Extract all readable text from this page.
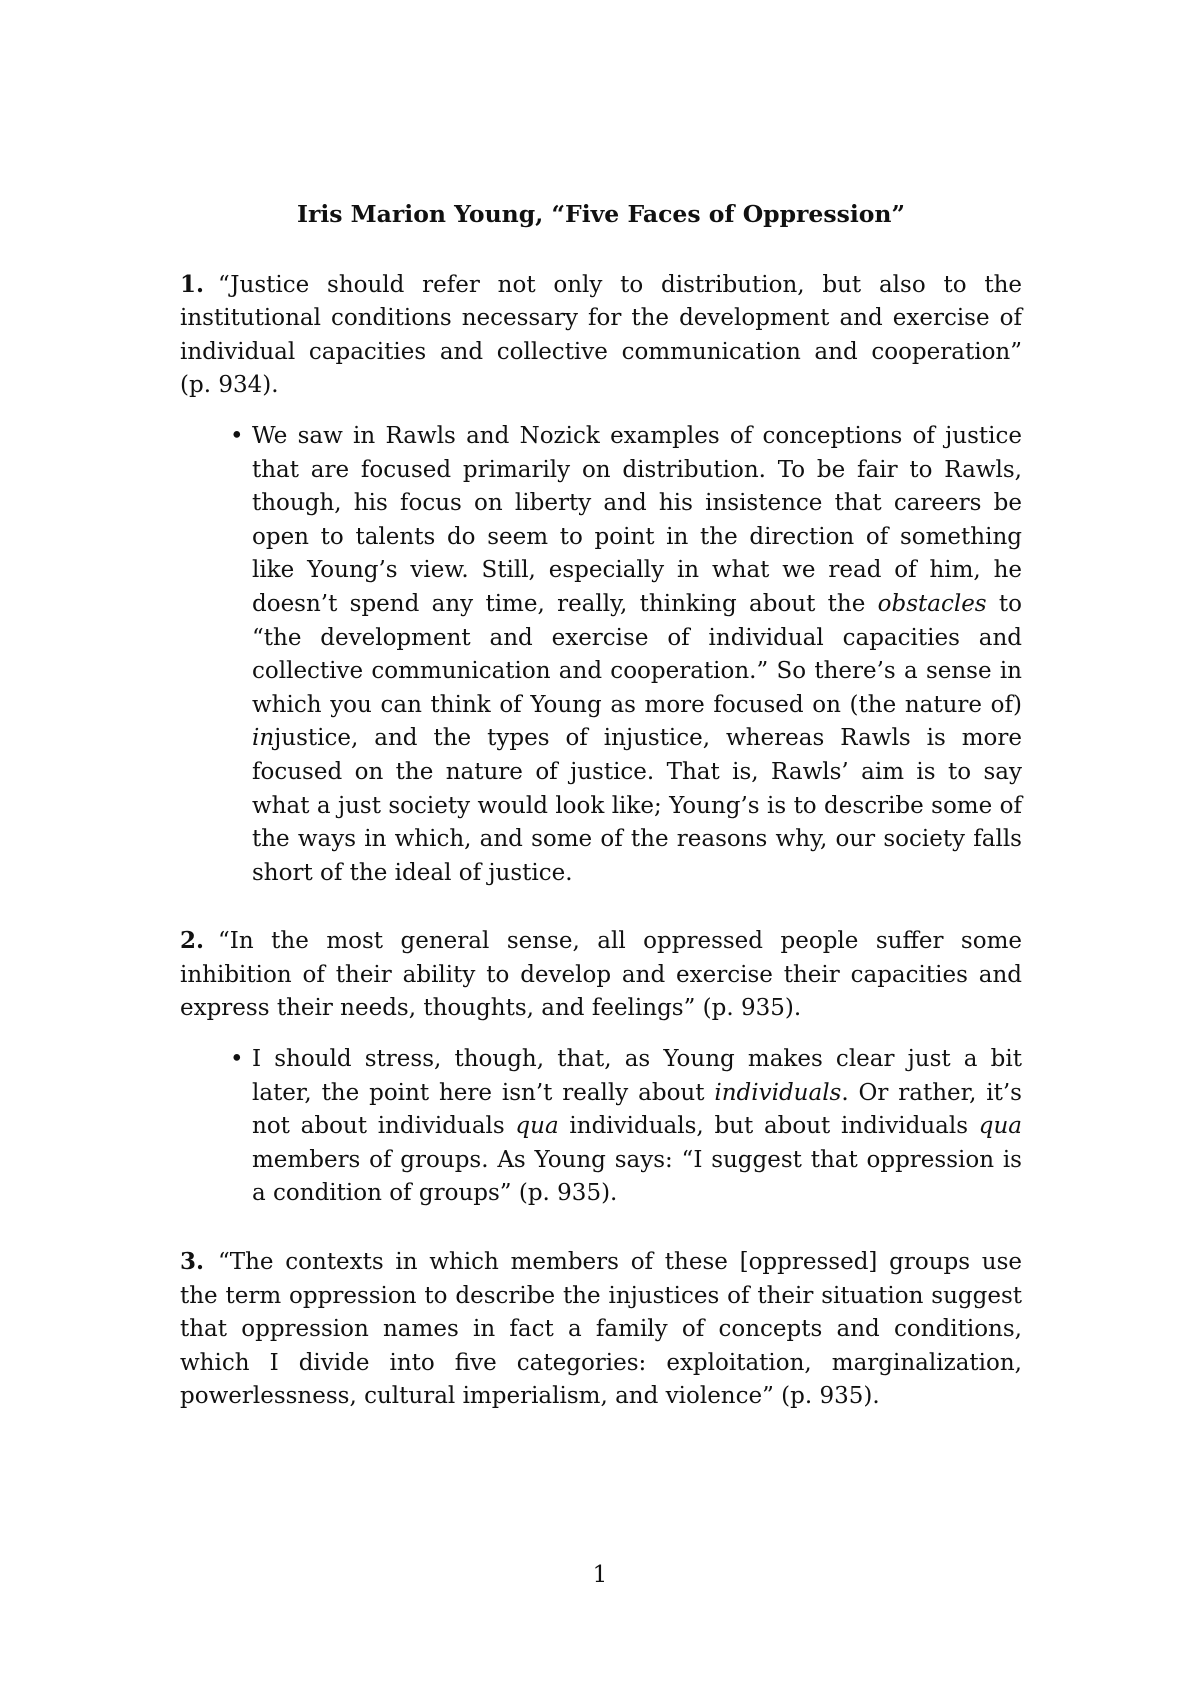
Iris Marion Young, “Five Faces of Oppression”

1. “Justice should refer not only to distribution, but also to the institutional conditions necessary for the development and exercise of individual capacities and collective communication and cooperation” (p. 934).

• We saw in Rawls and Nozick examples of conceptions of justice that are focused primarily on distribution. To be fair to Rawls, though, his focus on liberty and his insistence that careers be open to talents do seem to point in the direction of something like Young’s view. Still, especially in what we read of him, he doesn’t spend any time, really, thinking about the obstacles to “the development and exercise of individual capacities and collective communication and cooperation.” So there’s a sense in which you can think of Young as more focused on (the nature of) injustice, and the types of injustice, whereas Rawls is more focused on the nature of justice. That is, Rawls’ aim is to say what a just society would look like; Young’s is to describe some of the ways in which, and some of the reasons why, our society falls short of the ideal of justice.

2. “In the most general sense, all oppressed people suffer some inhibition of their ability to develop and exercise their capacities and express their needs, thoughts, and feelings” (p. 935).

• I should stress, though, that, as Young makes clear just a bit later, the point here isn’t really about individuals. Or rather, it’s not about individuals qua individuals, but about individuals qua members of groups. As Young says: “I suggest that oppression is a condition of groups” (p. 935).

3. “The contexts in which members of these [oppressed] groups use the term oppression to describe the injustices of their situation suggest that oppression names in fact a family of concepts and conditions, which I divide into five categories: exploitation, marginalization, powerlessness, cultural imperialism, and violence” (p. 935).

1
